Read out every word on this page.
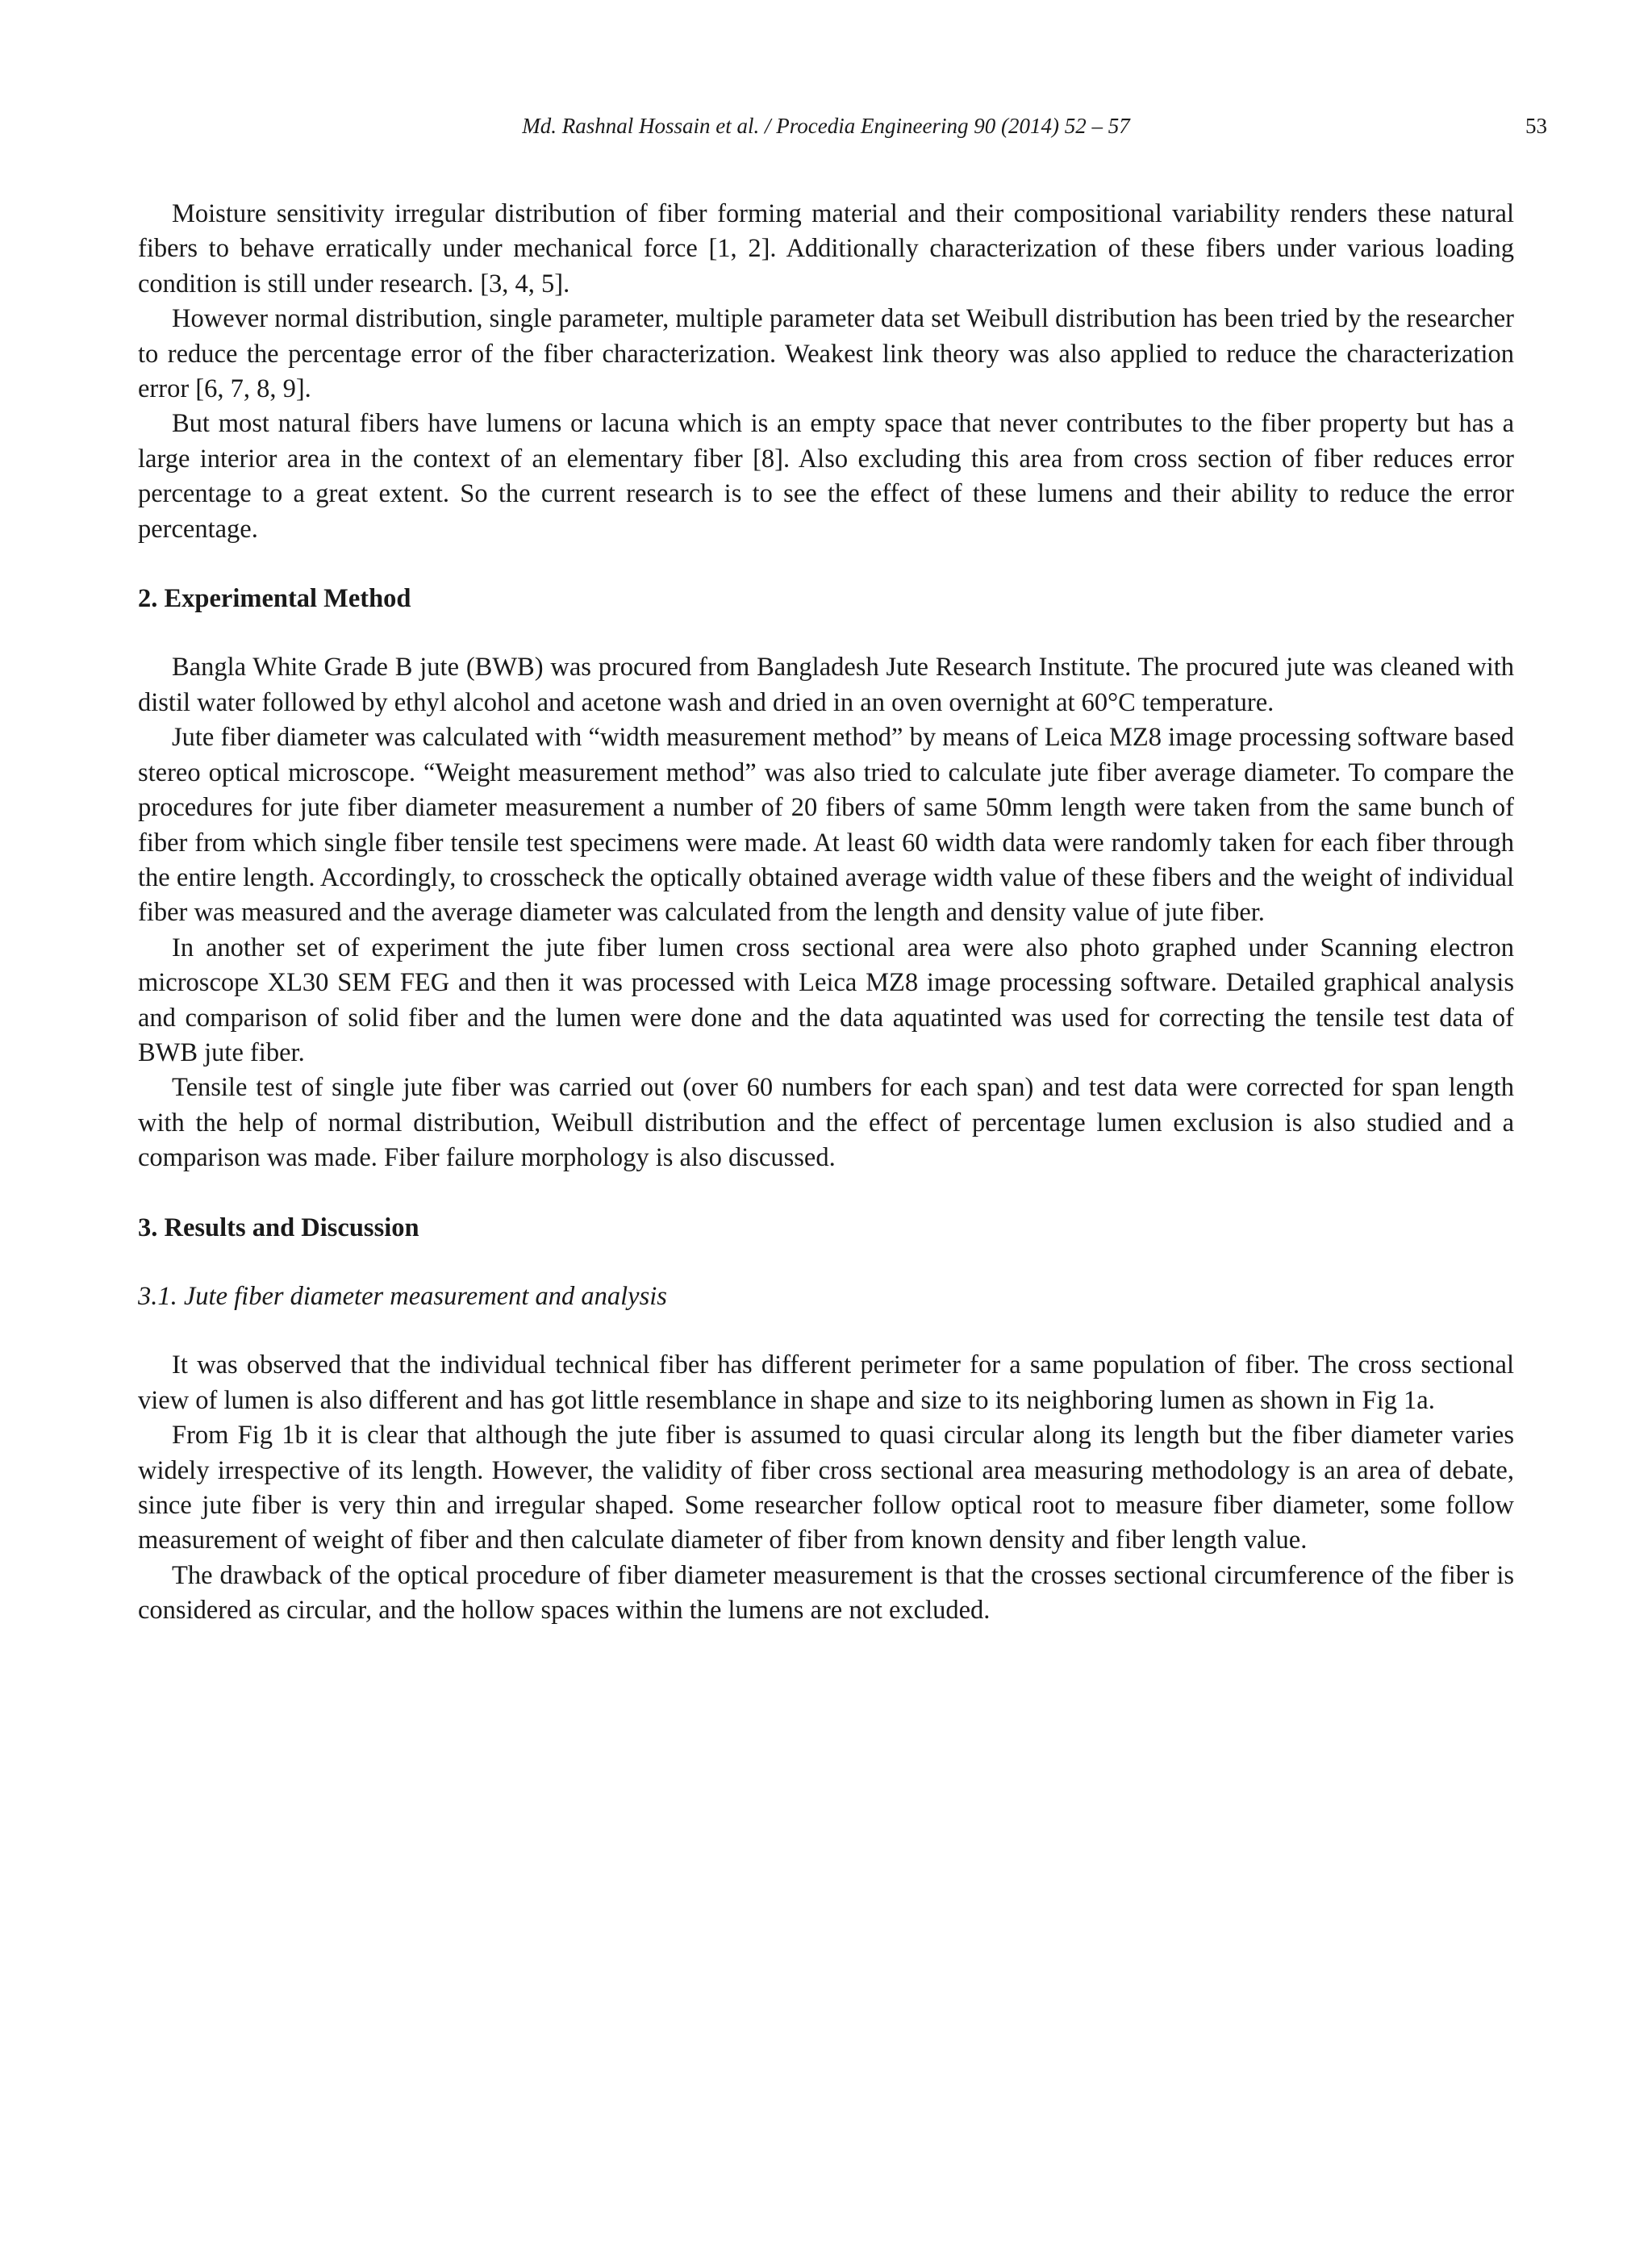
Md. Rashnal Hossain et al. / Procedia Engineering 90 (2014) 52 – 57	53

Moisture sensitivity irregular distribution of fiber forming material and their compositional variability renders these natural fibers to behave erratically under mechanical force [1, 2]. Additionally characterization of these fibers under various loading condition is still under research. [3, 4, 5].

However normal distribution, single parameter, multiple parameter data set Weibull distribution has been tried by the researcher to reduce the percentage error of the fiber characterization. Weakest link theory was also applied to reduce the characterization error [6, 7, 8, 9].

But most natural fibers have lumens or lacuna which is an empty space that never contributes to the fiber property but has a large interior area in the context of an elementary fiber [8]. Also excluding this area from cross section of fiber reduces error percentage to a great extent. So the current research is to see the effect of these lumens and their ability to reduce the error percentage.

2. Experimental Method

Bangla White Grade B jute (BWB) was procured from Bangladesh Jute Research Institute. The procured jute was cleaned with distil water followed by ethyl alcohol and acetone wash and dried in an oven overnight at 60°C temperature.

Jute fiber diameter was calculated with “width measurement method” by means of Leica MZ8 image processing software based stereo optical microscope. “Weight measurement method” was also tried to calculate jute fiber average diameter. To compare the procedures for jute fiber diameter measurement a number of 20 fibers of same 50mm length were taken from the same bunch of fiber from which single fiber tensile test specimens were made. At least 60 width data were randomly taken for each fiber through the entire length. Accordingly, to crosscheck the optically obtained average width value of these fibers and the weight of individual fiber was measured and the average diameter was calculated from the length and density value of jute fiber.

In another set of experiment the jute fiber lumen cross sectional area were also photo graphed under Scanning electron microscope XL30 SEM FEG and then it was processed with Leica MZ8 image processing software. Detailed graphical analysis and comparison of solid fiber and the lumen were done and the data aquatinted was used for correcting the tensile test data of BWB jute fiber.

Tensile test of single jute fiber was carried out (over 60 numbers for each span) and test data were corrected for span length with the help of normal distribution, Weibull distribution and the effect of percentage lumen exclusion is also studied and a comparison was made. Fiber failure morphology is also discussed.

3. Results and Discussion
3.1. Jute fiber diameter measurement and analysis

It was observed that the individual technical fiber has different perimeter for a same population of fiber. The cross sectional view of lumen is also different and has got little resemblance in shape and size to its neighboring lumen as shown in Fig 1a.

From Fig 1b it is clear that although the jute fiber is assumed to quasi circular along its length but the fiber diameter varies widely irrespective of its length. However, the validity of fiber cross sectional area measuring methodology is an area of debate, since jute fiber is very thin and irregular shaped. Some researcher follow optical root to measure fiber diameter, some follow measurement of weight of fiber and then calculate diameter of fiber from known density and fiber length value.

The drawback of the optical procedure of fiber diameter measurement is that the crosses sectional circumference of the fiber is considered as circular, and the hollow spaces within the lumens are not excluded.
